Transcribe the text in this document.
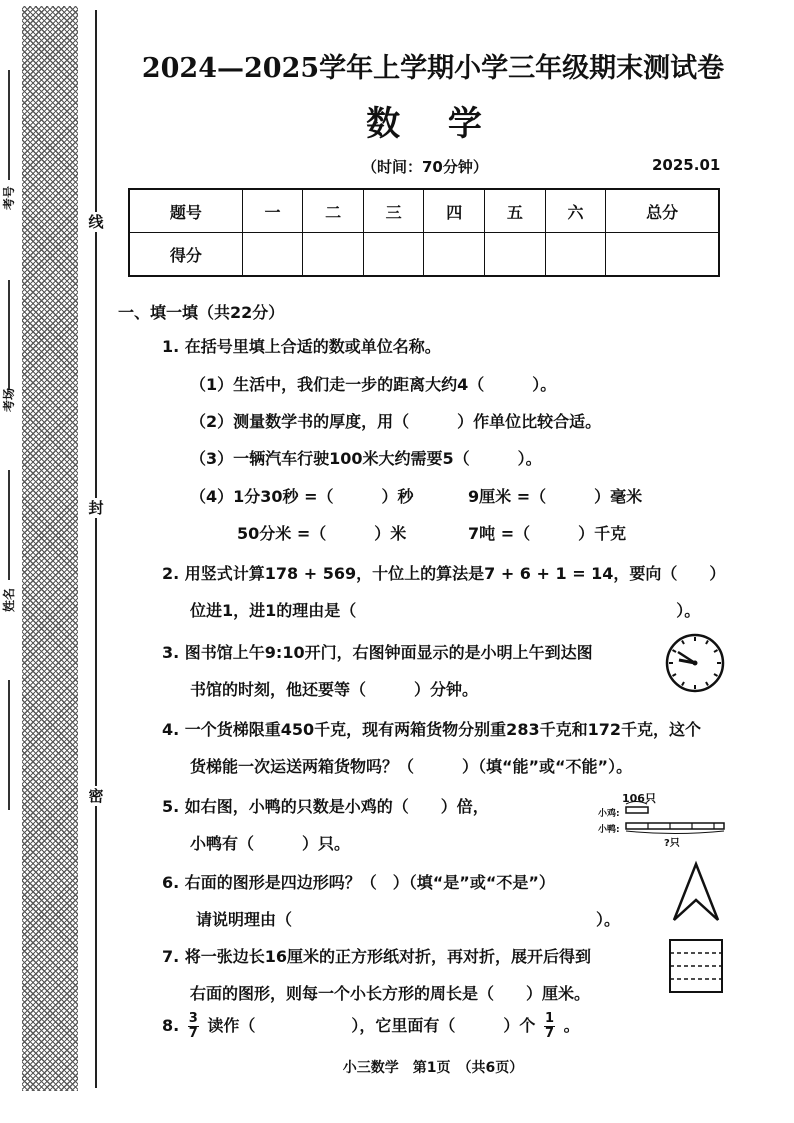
线
封
密
考号
考场
姓名
2024—2025学年上学期小学三年级期末测试卷
数 学
（时间：70分钟）	2025.01
题号	一	二	三	四	五	六	总分
得分							
一、填一填（共22分）
1. 在括号里填上合适的数或单位名称。
（1）生活中，我们走一步的距离大约4（　　　）。
（2）测量数学书的厚度，用（　　　）作单位比较合适。
（3）一辆汽车行驶100米大约需要5（　　　）。
（4）1分30秒 =（　　　）秒	9厘米 =（　　　）毫米
50分米 =（　　　）米	7吨 =（　　　）千克
2. 用竖式计算178 + 569，十位上的算法是7 + 6 + 1 = 14，要向（　　）
位进1，进1的理由是（　　　　　　　　　　　　　　　　　　　　）。
3. 图书馆上午9:10开门，右图钟面显示的是小明上午到达图
书馆的时刻，他还要等（　　　）分钟。
4. 一个货梯限重450千克，现有两箱货物分别重283千克和172千克，这个
货梯能一次运送两箱货物吗？（　　　）（填“能”或“不能”）。
5. 如右图，小鸭的只数是小鸡的（　　）倍，
小鸭有（　　　）只。
106只
小鸡:
小鸭:
?只
6. 右面的图形是四边形吗？（　）（填“是”或“不是”）
请说明理由（　　　　　　　　　　　　　　　　　　　）。
7. 将一张边长16厘米的正方形纸对折，再对折，展开后得到
右面的图形，则每一个小长方形的周长是（　　）厘米。
8. $\frac{3}{7}$ 读作（　　　　　　），它里面有（　　　）个 $\frac{1}{7}$ 。
小三数学　第1页　（共6页）
